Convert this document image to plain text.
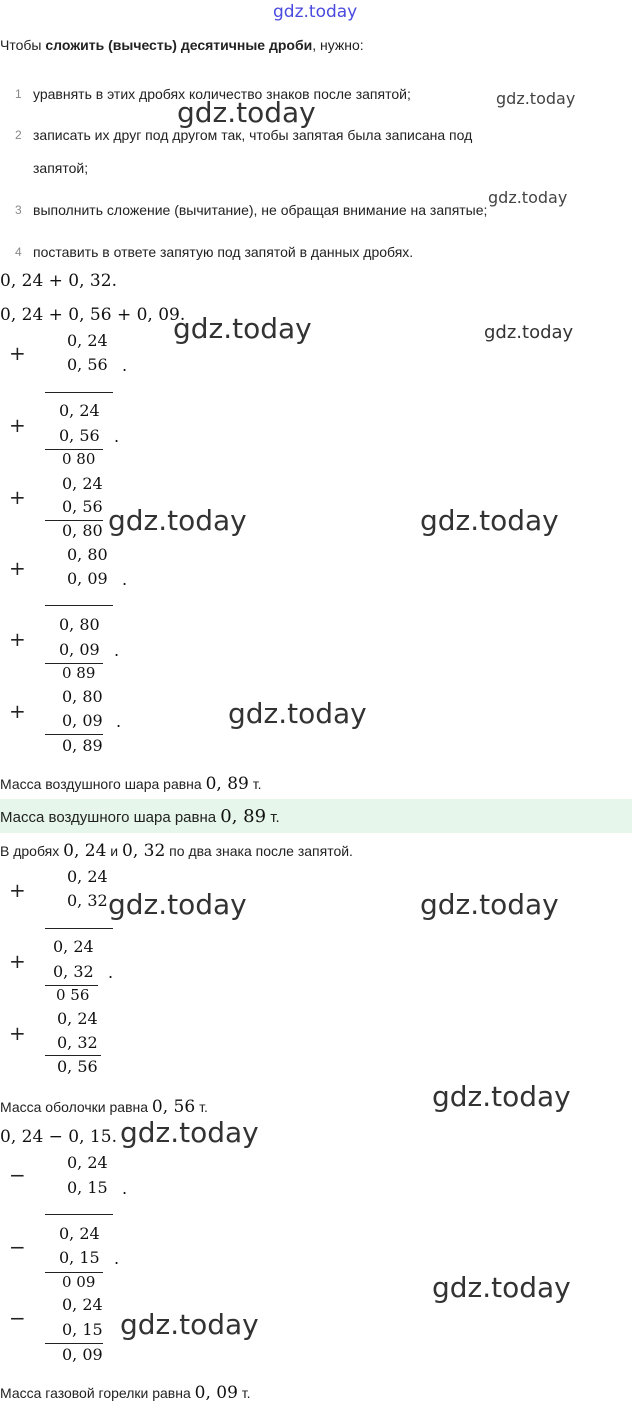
gdz.today
Чтобы сложить (вычесть) десятичные дроби, нужно:
1 уравнять в этих дробях количество знаков после запятой;
2 записать их друг под другом так, чтобы запятая была записана под
запятой;
3 выполнить сложение (вычитание), не обращая внимание на запятые;
4 поставить в ответе запятую под запятой в данных дробях.
0, 24 + 0, 32.
0, 24 + 0, 56 + 0, 09.
+
0, 24
0, 56 .
+
0, 24
0, 56 .
0 80
+
0, 24
0, 56
0, 80
+
0, 80
0, 09 .
+
0, 80
0, 09 .
0 89
+
0, 80
0, 09 .
0, 89
Масса воздушного шара равна 0, 89 т.
Масса воздушного шара равна 0, 89 т.
В дробях 0, 24 и 0, 32 по два знака после запятой.
+
0, 24
0, 32
+
0, 24
0, 32 .
0 56
+
0, 24
0, 32
0, 56
Масса оболочки равна 0, 56 т.
0, 24 − 0, 15.
−
0, 24
0, 15 .
−
0, 24
0, 15 .
0 09
−
0, 24
0, 15
0, 09
Масса газовой горелки равна 0, 09 т.
gdz.today
gdz.today
gdz.today
gdz.today	gdz.today
gdz.today	gdz.today
gdz.today
gdz.today	gdz.today
gdz.today
gdz.today
gdz.today
gdz.today
